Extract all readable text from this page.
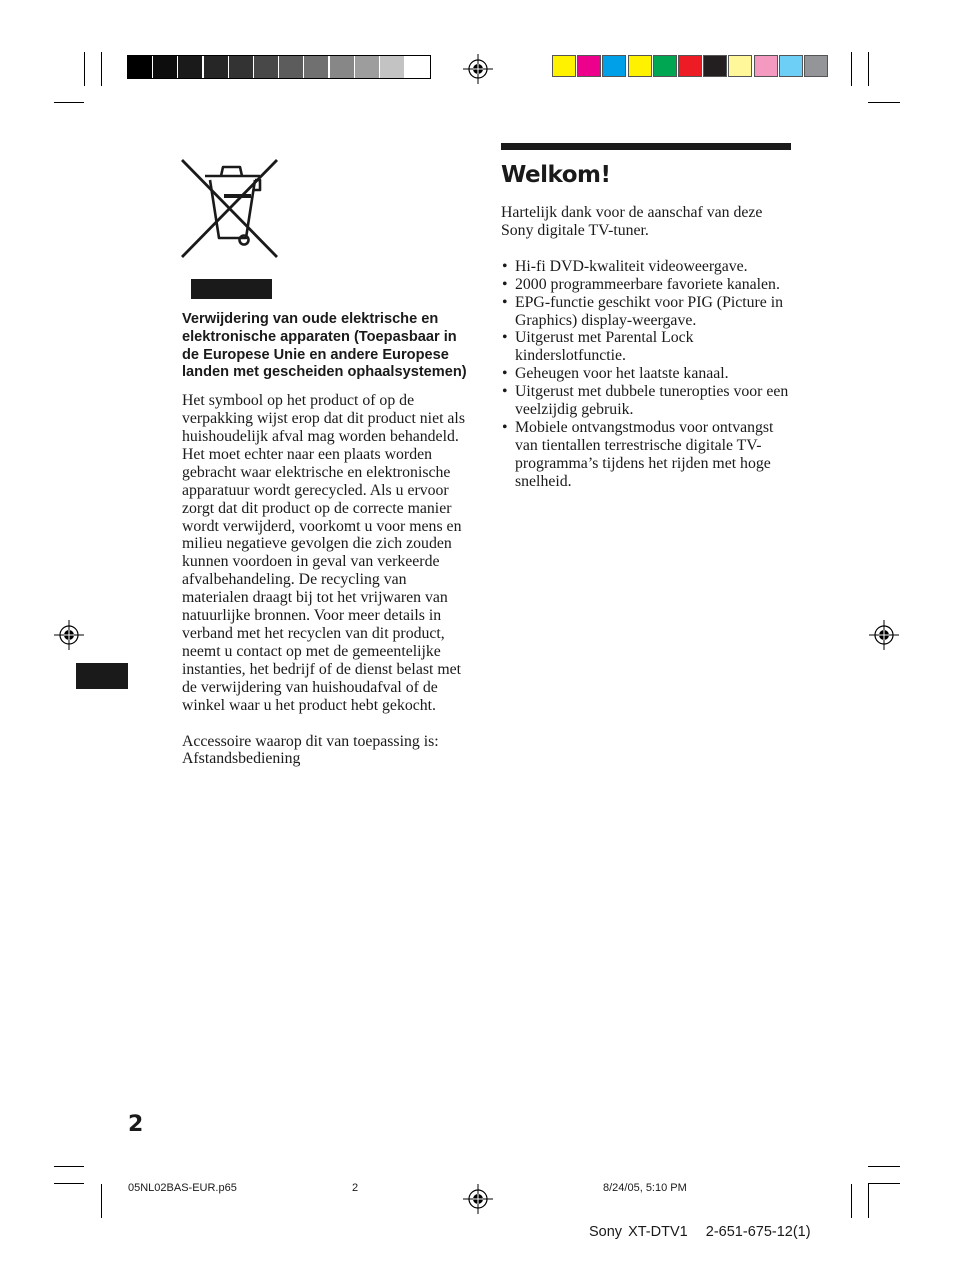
Verwijdering van oude elektrische en elektronische apparaten (Toepasbaar in de Europese Unie en andere Europese landen met gescheiden ophaalsystemen)

Het symbool op het product of op de verpakking wijst erop dat dit product niet als huishoudelijk afval mag worden behandeld. Het moet echter naar een plaats worden gebracht waar elektrische en elektronische apparatuur wordt gerecycled. Als u ervoor zorgt dat dit product op de correcte manier wordt verwijderd, voorkomt u voor mens en milieu negatieve gevolgen die zich zouden kunnen voordoen in geval van verkeerde afvalbehandeling. De recycling van materialen draagt bij tot het vrijwaren van natuurlijke bronnen. Voor meer details in verband met het recyclen van dit product, neemt u contact op met de gemeentelijke instanties, het bedrijf of de dienst belast met de verwijdering van huishoudafval of de winkel waar u het product hebt gekocht.

Accessoire waarop dit van toepassing is:

Afstandsbediening

Welkom!

Hartelijk dank voor de aanschaf van deze Sony digitale TV-tuner.

• Hi-fi DVD-kwaliteit videoweergave.
• 2000 programmeerbare favoriete kanalen.
• EPG-functie geschikt voor PIG (Picture in Graphics) display-weergave.
• Uitgerust met Parental Lock kinderslotfunctie.
• Geheugen voor het laatste kanaal.
• Uitgerust met dubbele tuneropties voor een veelzijdig gebruik.
• Mobiele ontvangstmodus voor ontvangst van tientallen terrestrische digitale TV-programma’s tijdens het rijden met hoge snelheid.
2
05NL02BAS-EUR.p65	2	8/24/05, 5:10 PM
Sony XT-DTV1   2-651-675-12(1)
